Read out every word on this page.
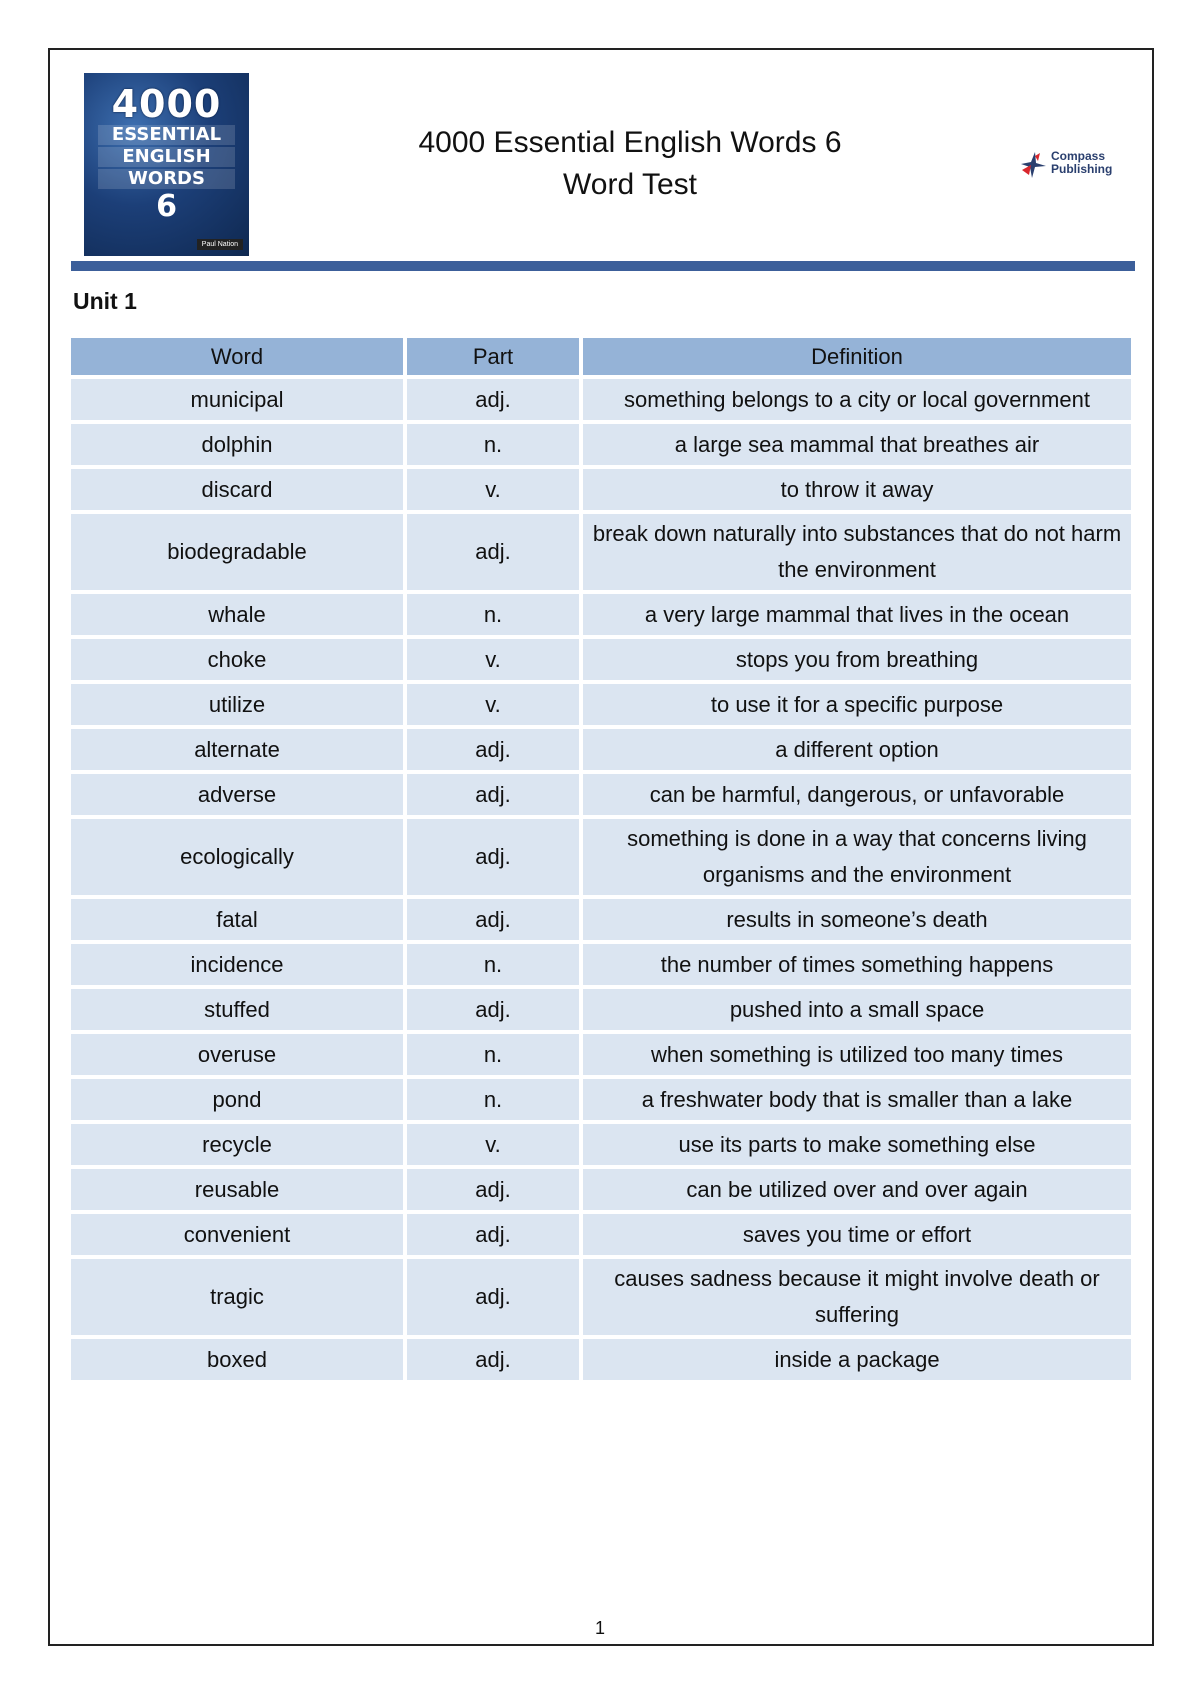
4000
ESSENTIAL
ENGLISH
WORDS
6
Paul Nation
4000 Essential English Words 6
Word Test
Compass
Publishing
Unit 1
Word	Part	Definition
municipal	adj.	something belongs to a city or local government
dolphin	n.	a large sea mammal that breathes air
discard	v.	to throw it away
biodegradable	adj.	break down naturally into substances that do not harm the environment
whale	n.	a very large mammal that lives in the ocean
choke	v.	stops you from breathing
utilize	v.	to use it for a specific purpose
alternate	adj.	a different option
adverse	adj.	can be harmful, dangerous, or unfavorable
ecologically	adj.	something is done in a way that concerns living organisms and the environment
fatal	adj.	results in someone’s death
incidence	n.	the number of times something happens
stuffed	adj.	pushed into a small space
overuse	n.	when something is utilized too many times
pond	n.	a freshwater body that is smaller than a lake
recycle	v.	use its parts to make something else
reusable	adj.	can be utilized over and over again
convenient	adj.	saves you time or effort
tragic	adj.	causes sadness because it might involve death or suffering
boxed	adj.	inside a package
1
